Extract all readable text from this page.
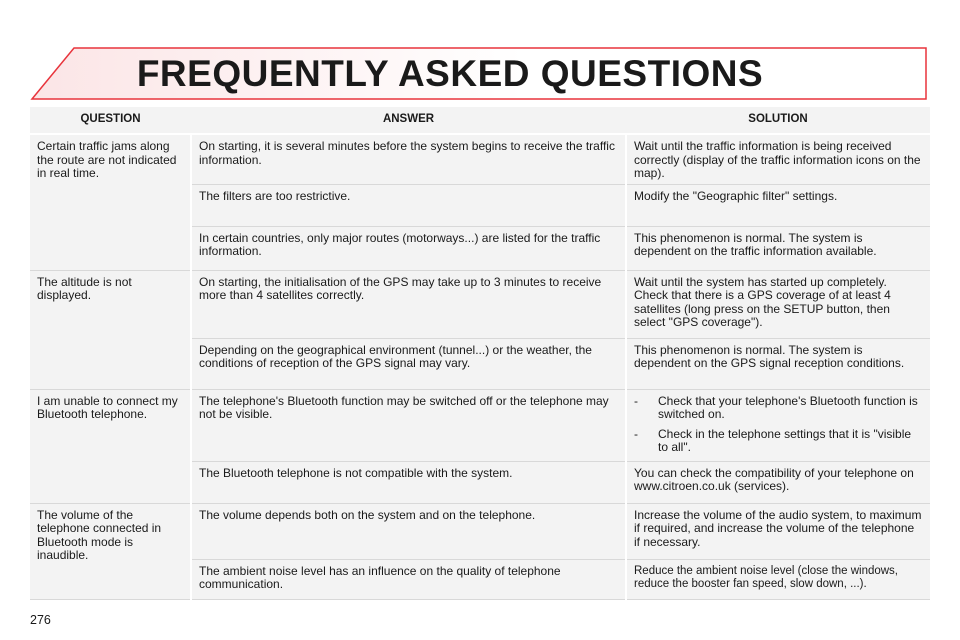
FREQUENTLY ASKED QUESTIONS
QUESTION	ANSWER	SOLUTION
Certain traffic jams along the route are not indicated in real time.	On starting, it is several minutes before the system begins to receive the traffic information.	Wait until the traffic information is being received correctly (display of the traffic information icons on the map).
	The filters are too restrictive.	Modify the "Geographic filter" settings.
	In certain countries, only major routes (motorways...) are listed for the traffic information.	This phenomenon is normal. The system is dependent on the traffic information available.
The altitude is not displayed.	On starting, the initialisation of the GPS may take up to 3 minutes to receive more than 4 satellites correctly.	Wait until the system has started up completely. Check that there is a GPS coverage of at least 4 satellites (long press on the SETUP button, then select "GPS coverage").
	Depending on the geographical environment (tunnel...) or the weather, the conditions of reception of the GPS signal may vary.	This phenomenon is normal. The system is dependent on the GPS signal reception conditions.
I am unable to connect my Bluetooth telephone.	The telephone's Bluetooth function may be switched off or the telephone may not be visible.	- Check that your telephone's Bluetooth function is switched on.
- Check in the telephone settings that it is "visible to all".

	The Bluetooth telephone is not compatible with the system.	You can check the compatibility of your telephone on www.citroen.co.uk (services).
The volume of the telephone connected in Bluetooth mode is inaudible.	The volume depends both on the system and on the telephone.	Increase the volume of the audio system, to maximum if required, and increase the volume of the telephone if necessary.
	The ambient noise level has an influence on the quality of telephone communication.	Reduce the ambient noise level (close the windows, reduce the booster fan speed, slow down, ...).
276
